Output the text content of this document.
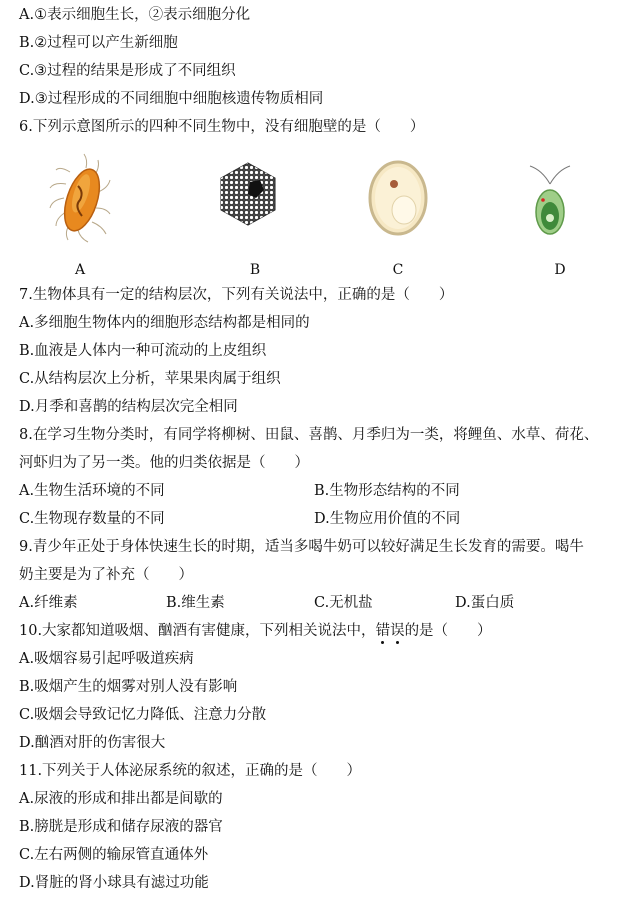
A.①表示细胞生长，②表示细胞分化
B.②过程可以产生新细胞
C.③过程的结果是形成了不同组织
D.③过程形成的不同细胞中细胞核遗传物质相同
6.下列示意图所示的四种不同生物中，没有细胞壁的是（　　）
A	B	C	D
7.生物体具有一定的结构层次，下列有关说法中，正确的是（　　）
A.多细胞生物体内的细胞形态结构都是相同的
B.血液是人体内一种可流动的上皮组织
C.从结构层次上分析，苹果果肉属于组织
D.月季和喜鹊的结构层次完全相同
8.在学习生物分类时，有同学将柳树、田鼠、喜鹊、月季归为一类，将鲤鱼、水草、荷花、
河虾归为了另一类。他的归类依据是（　　）
A.生物生活环境的不同	B.生物形态结构的不同
C.生物现存数量的不同	D.生物应用价值的不同
9.青少年正处于身体快速生长的时期，适当多喝牛奶可以较好满足生长发育的需要。喝牛
奶主要是为了补充（　　）
A.纤维素	B.维生素	C.无机盐	D.蛋白质
10.大家都知道吸烟、酗酒有害健康，下列相关说法中，错误的是（　　）
A.吸烟容易引起呼吸道疾病
B.吸烟产生的烟雾对别人没有影响
C.吸烟会导致记忆力降低、注意力分散
D.酗酒对肝的伤害很大
11.下列关于人体泌尿系统的叙述，正确的是（　　）
A.尿液的形成和排出都是间歇的
B.膀胱是形成和储存尿液的器官
C.左右两侧的输尿管直通体外
D.肾脏的肾小球具有滤过功能
